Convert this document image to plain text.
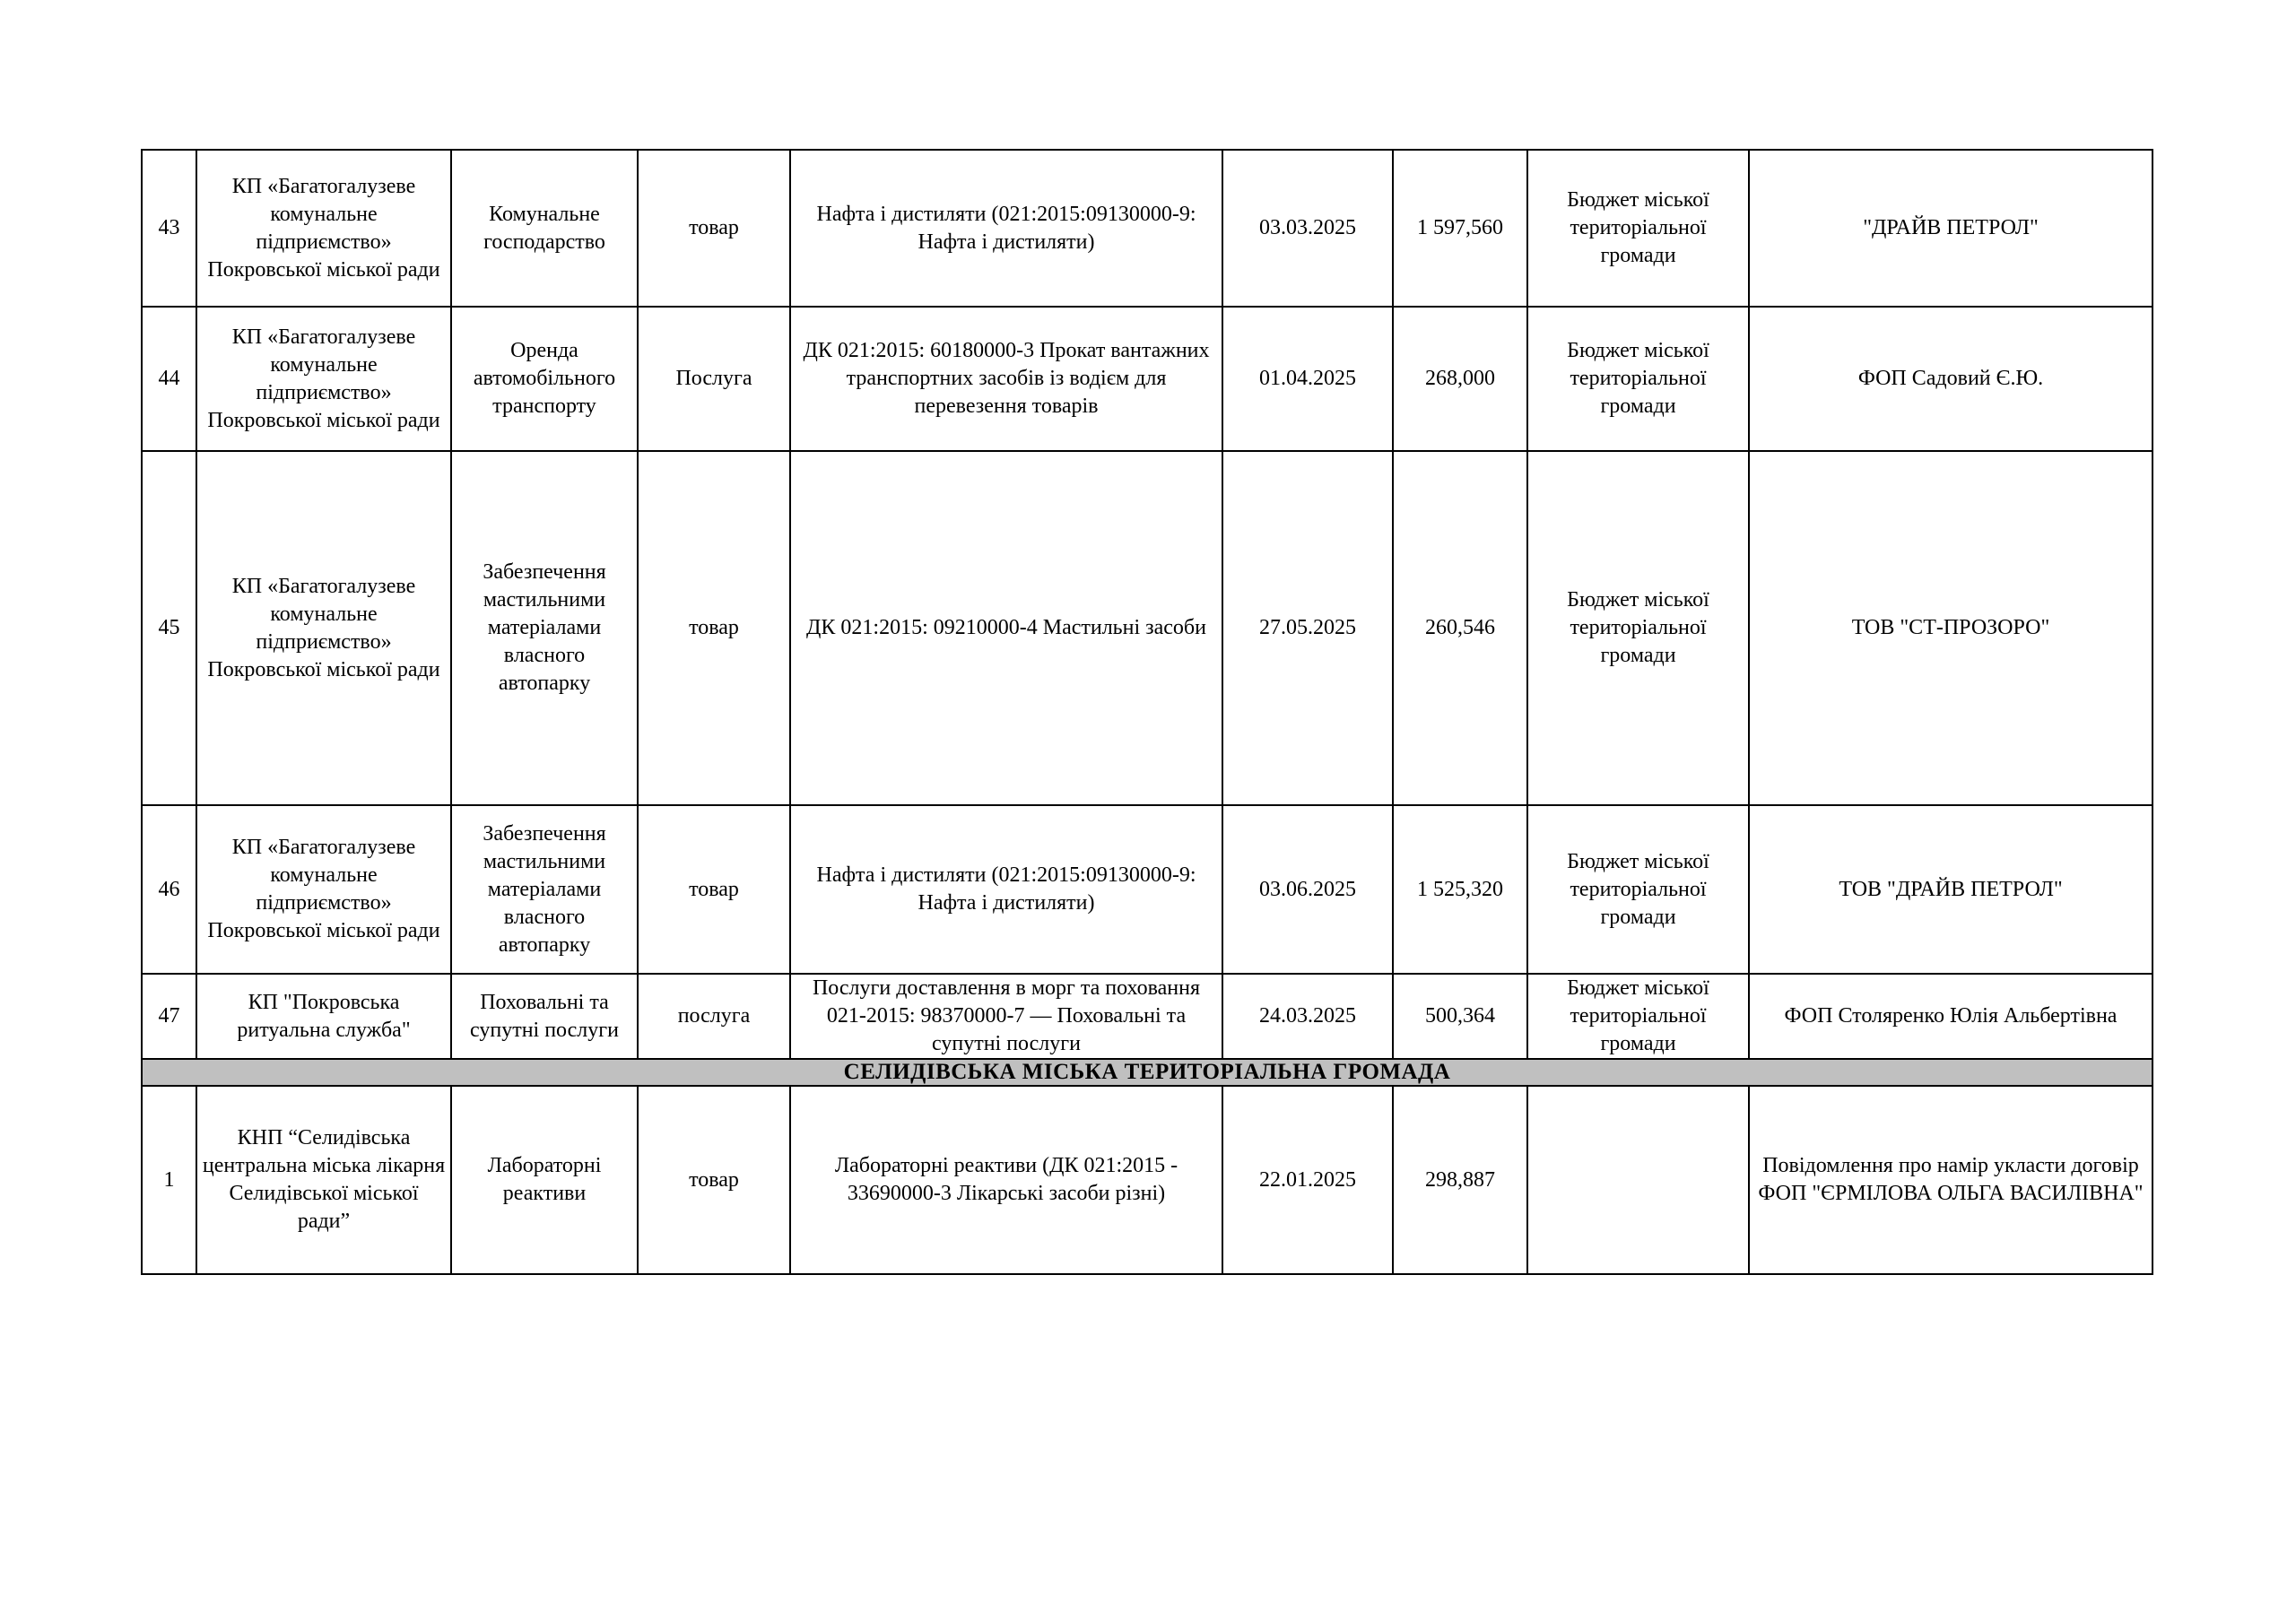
43	КП «Багатогалузеве комунальне підприємство» Покровської міської ради	Комунальне господарство	товар	Нафта і дистиляти (021:2015:09130000-9: Нафта і дистиляти)	03.03.2025	1 597,560	Бюджет міської територіальної громади	"ДРАЙВ ПЕТРОЛ"
44	КП «Багатогалузеве комунальне підприємство» Покровської міської ради	Оренда автомобільного транспорту	Послуга	ДК 021:2015: 60180000-3 Прокат вантажних транспортних засобів із водієм для перевезення товарів	01.04.2025	268,000	Бюджет міської територіальної громади	ФОП Садовий Є.Ю.
45	КП «Багатогалузеве комунальне підприємство» Покровської міської ради	Забезпечення мастильними матеріалами власного автопарку	товар	ДК 021:2015: 09210000-4 Мастильні засоби	27.05.2025	260,546	Бюджет міської територіальної громади	ТОВ "СТ-ПРОЗОРО"
46	КП «Багатогалузеве комунальне підприємство» Покровської міської ради	Забезпечення мастильними матеріалами власного автопарку	товар	Нафта і дистиляти (021:2015:09130000-9: Нафта і дистиляти)	03.06.2025	1 525,320	Бюджет міської територіальної громади	ТОВ "ДРАЙВ ПЕТРОЛ"
47	КП "Покровська ритуальна служба"	Поховальні та супутні послуги	послуга	Послуги доставлення в морг та поховання 021-2015: 98370000-7 — Поховальні та супутні послуги	24.03.2025	500,364	Бюджет міської територіальної громади	ФОП Столяренко Юлія Альбертівна
СЕЛИДІВСЬКА МІСЬКА ТЕРИТОРІАЛЬНА ГРОМАДА								
1	КНП “Селидівська центральна міська лікарня Селидівської міської ради”	Лабораторні реактиви	товар	Лабораторні реактиви (ДК 021:2015 - 33690000-3 Лікарські засоби різні)	22.01.2025	298,887		Повідомлення про намір укласти договір ФОП "ЄРМІЛОВА ОЛЬГА ВАСИЛІВНА"
